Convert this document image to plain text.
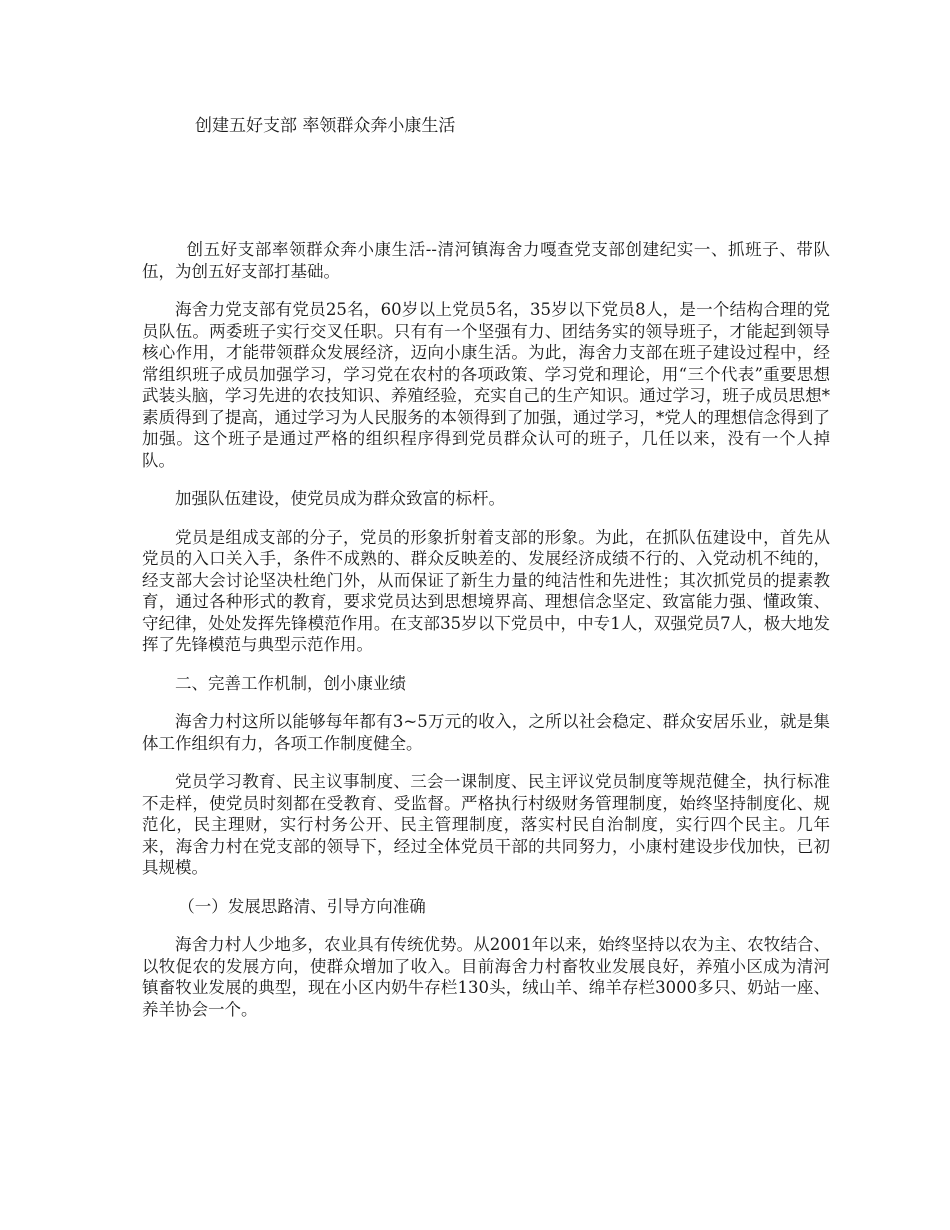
创建五好支部 率领群众奔小康生活

创五好支部率领群众奔小康生活--清河镇海舍力嘎查党支部创建纪实一、抓班子、带队伍，为创五好支部打基础。

海舍力党支部有党员25名，60岁以上党员5名，35岁以下党员8人，是一个结构合理的党员队伍。两委班子实行交叉任职。只有有一个坚强有力、团结务实的领导班子，才能起到领导核心作用，才能带领群众发展经济，迈向小康生活。为此，海舍力支部在班子建设过程中，经常组织班子成员加强学习，学习党在农村的各项政策、学习党和理论，用“三个代表”重要思想武装头脑，学习先进的农技知识、养殖经验，充实自己的生产知识。通过学习，班子成员思想*素质得到了提高，通过学习为人民服务的本领得到了加强，通过学习，*党人的理想信念得到了加强。这个班子是通过严格的组织程序得到党员群众认可的班子，几任以来，没有一个人掉队。

加强队伍建设，使党员成为群众致富的标杆。

党员是组成支部的分子，党员的形象折射着支部的形象。为此，在抓队伍建设中，首先从党员的入口关入手，条件不成熟的、群众反映差的、发展经济成绩不行的、入党动机不纯的，经支部大会讨论坚决杜绝门外，从而保证了新生力量的纯洁性和先进性；其次抓党员的提素教育，通过各种形式的教育，要求党员达到思想境界高、理想信念坚定、致富能力强、懂政策、守纪律，处处发挥先锋模范作用。在支部35岁以下党员中，中专1人，双强党员7人，极大地发挥了先锋模范与典型示范作用。

二、完善工作机制，创小康业绩

海舍力村这所以能够每年都有3~5万元的收入，之所以社会稳定、群众安居乐业，就是集体工作组织有力，各项工作制度健全。

党员学习教育、民主议事制度、三会一课制度、民主评议党员制度等规范健全，执行标准不走样，使党员时刻都在受教育、受监督。严格执行村级财务管理制度，始终坚持制度化、规范化，民主理财，实行村务公开、民主管理制度，落实村民自治制度，实行四个民主。几年来，海舍力村在党支部的领导下，经过全体党员干部的共同努力，小康村建设步伐加快，已初具规模。

（一）发展思路清、引导方向准确

海舍力村人少地多，农业具有传统优势。从2001年以来，始终坚持以农为主、农牧结合、以牧促农的发展方向，使群众增加了收入。目前海舍力村畜牧业发展良好，养殖小区成为清河镇畜牧业发展的典型，现在小区内奶牛存栏130头，绒山羊、绵羊存栏3000多只、奶站一座、养羊协会一个。
